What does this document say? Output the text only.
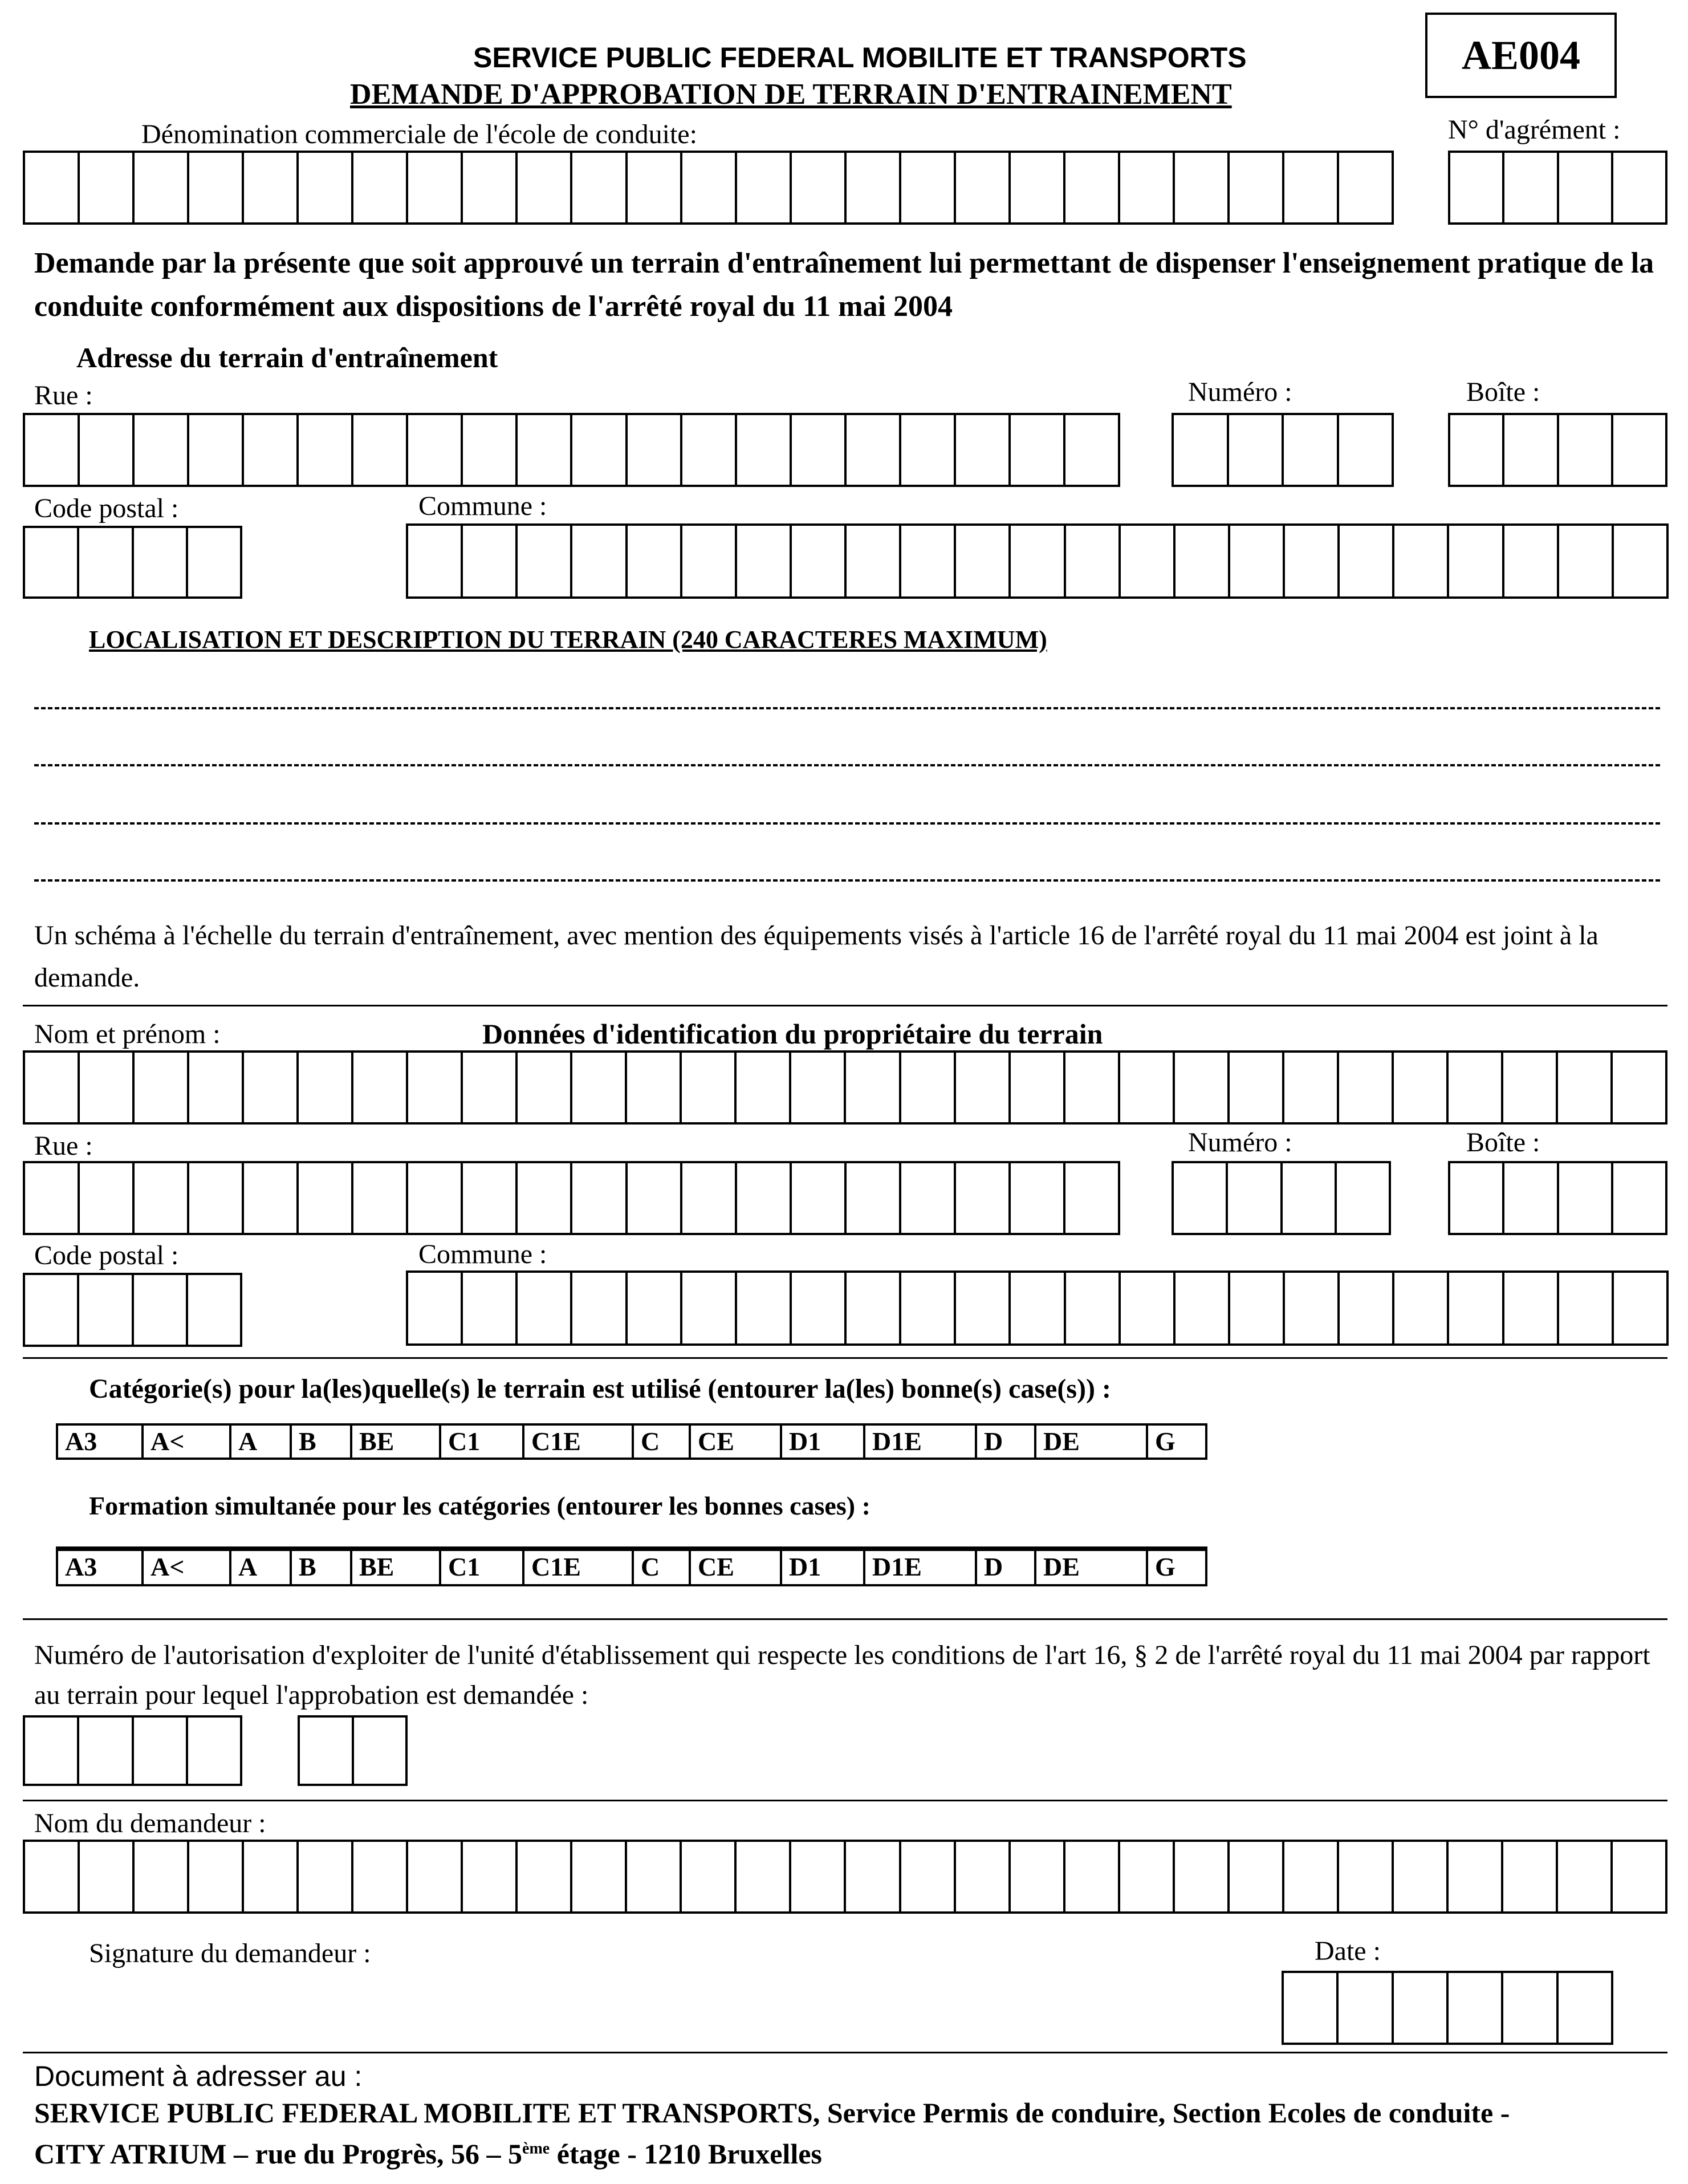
SERVICE PUBLIC FEDERAL MOBILITE ET TRANSPORTS
DEMANDE D'APPROBATION DE TERRAIN D'ENTRAINEMENT
AE004
Dénomination commerciale de l'école de conduite:	N° d'agrément :
Demande par la présente que soit approuvé un terrain d'entraînement lui permettant de dispenser l'enseignement pratique de la conduite conformément aux dispositions de l'arrêté royal du 11 mai 2004
Adresse du terrain d'entraînement
Rue :	Numéro :	Boîte :
Code postal :	Commune :
LOCALISATION ET DESCRIPTION DU TERRAIN (240 CARACTERES MAXIMUM)
Un schéma à l'échelle du terrain d'entraînement, avec mention des équipements visés à l'article 16 de l'arrêté royal du 11 mai 2004 est joint à la demande.
Nom et prénom :	Données d'identification du propriétaire du terrain
Rue :	Numéro :	Boîte :
Code postal :	Commune :
Catégorie(s) pour la(les)quelle(s) le terrain est utilisé (entourer la(les) bonne(s) case(s)) :
A3	A<	A	B	BE	C1	C1E	C	CE	D1	D1E	D	DE	G
Formation simultanée pour les catégories (entourer les bonnes cases) :
A3	A<	A	B	BE	C1	C1E	C	CE	D1	D1E	D	DE	G
Numéro de l'autorisation d'exploiter de l'unité d'établissement qui respecte les conditions de l'art 16, § 2 de l'arrêté royal du 11 mai 2004 par rapport au terrain pour lequel l'approbation est demandée :
Nom du demandeur :
Signature du demandeur :	Date :
Document à adresser au :
SERVICE PUBLIC FEDERAL MOBILITE ET TRANSPORTS, Service Permis de conduire, Section Ecoles de conduite -
CITY ATRIUM – rue du Progrès, 56 – 5ème étage - 1210 Bruxelles
